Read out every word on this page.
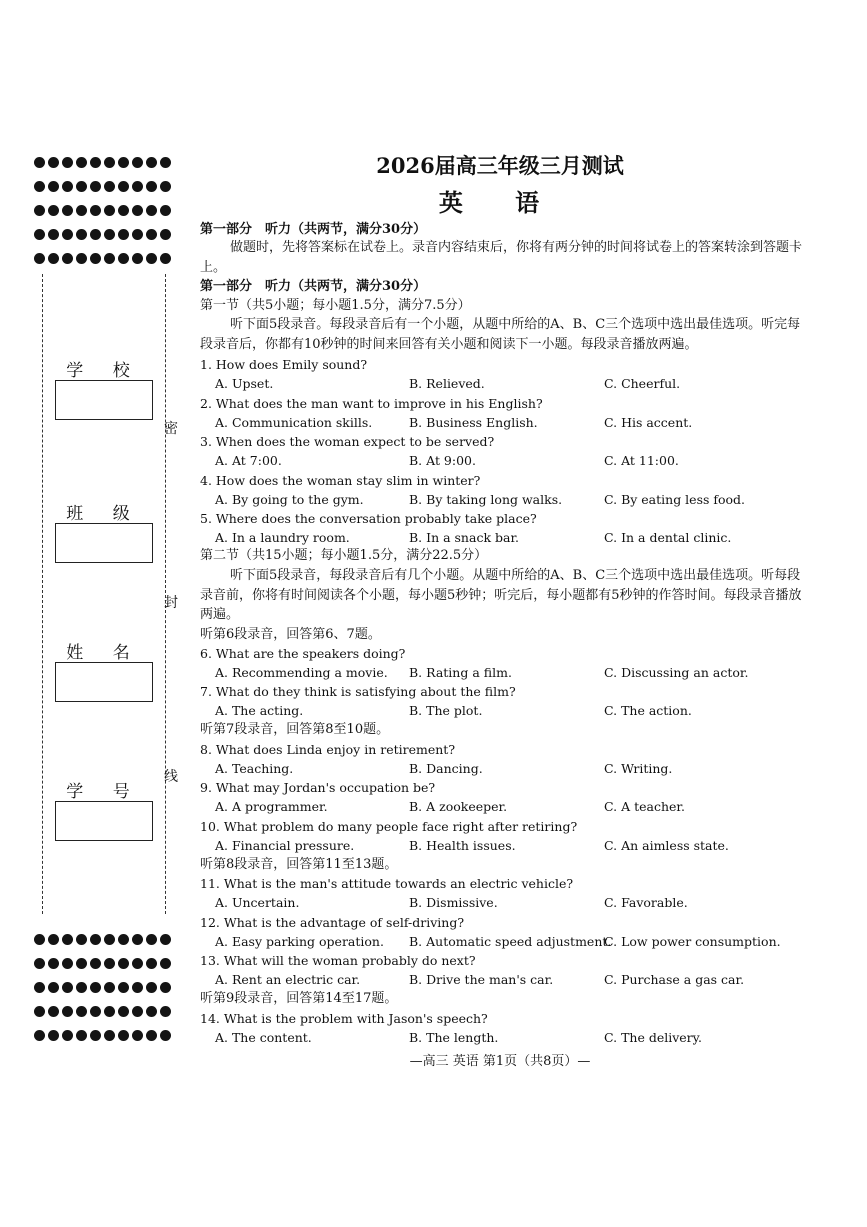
密
封
线
学 校
班 级
姓 名
学 号
2026届高三年级三月测试
英 语
第一部分　听力（共两节，满分30分）
做题时，先将答案标在试卷上。录音内容结束后，你将有两分钟的时间将试卷上的答案转涂到答题卡上。
第一部分　听力（共两节，满分30分）
第一节（共5小题；每小题1.5分，满分7.5分）
听下面5段录音。每段录音后有一个小题，从题中所给的A、B、C三个选项中选出最佳选项。听完每段录音后，你都有10秒钟的时间来回答有关小题和阅读下一小题。每段录音播放两遍。
1. How does Emily sound?
A. Upset.	B. Relieved.	C. Cheerful.
2. What does the man want to improve in his English?
A. Communication skills.	B. Business English.	C. His accent.
3. When does the woman expect to be served?
A. At 7:00.	B. At 9:00.	C. At 11:00.
4. How does the woman stay slim in winter?
A. By going to the gym.	B. By taking long walks.	C. By eating less food.
5. Where does the conversation probably take place?
A. In a laundry room.	B. In a snack bar.	C. In a dental clinic.
第二节（共15小题；每小题1.5分，满分22.5分）
听下面5段录音，每段录音后有几个小题。从题中所给的A、B、C三个选项中选出最佳选项。听每段录音前，你将有时间阅读各个小题，每小题5秒钟；听完后，每小题都有5秒钟的作答时间。每段录音播放两遍。
听第6段录音，回答第6、7题。
6. What are the speakers doing?
A. Recommending a movie. B. Rating a film.	C. Discussing an actor.
7. What do they think is satisfying about the film?
A. The acting.	B. The plot.	C. The action.
听第7段录音，回答第8至10题。
8. What does Linda enjoy in retirement?
A. Teaching.	B. Dancing.	C. Writing.
9. What may Jordan's occupation be?
A. A programmer.	B. A zookeeper.	C. A teacher.
10. What problem do many people face right after retiring?
A. Financial pressure.	B. Health issues.	C. An aimless state.
听第8段录音，回答第11至13题。
11. What is the man's attitude towards an electric vehicle?
A. Uncertain.	B. Dismissive.	C. Favorable.
12. What is the advantage of self-driving?
A. Easy parking operation. B. Automatic speed adjustment.
C. Low power consumption.
13. What will the woman probably do next?
A. Rent an electric car.	B. Drive the man's car.	C. Purchase a gas car.
听第9段录音，回答第14至17题。
14. What is the problem with Jason's speech?
A. The content.	B. The length.	C. The delivery.
—高三 英语 第1页（共8页）—
